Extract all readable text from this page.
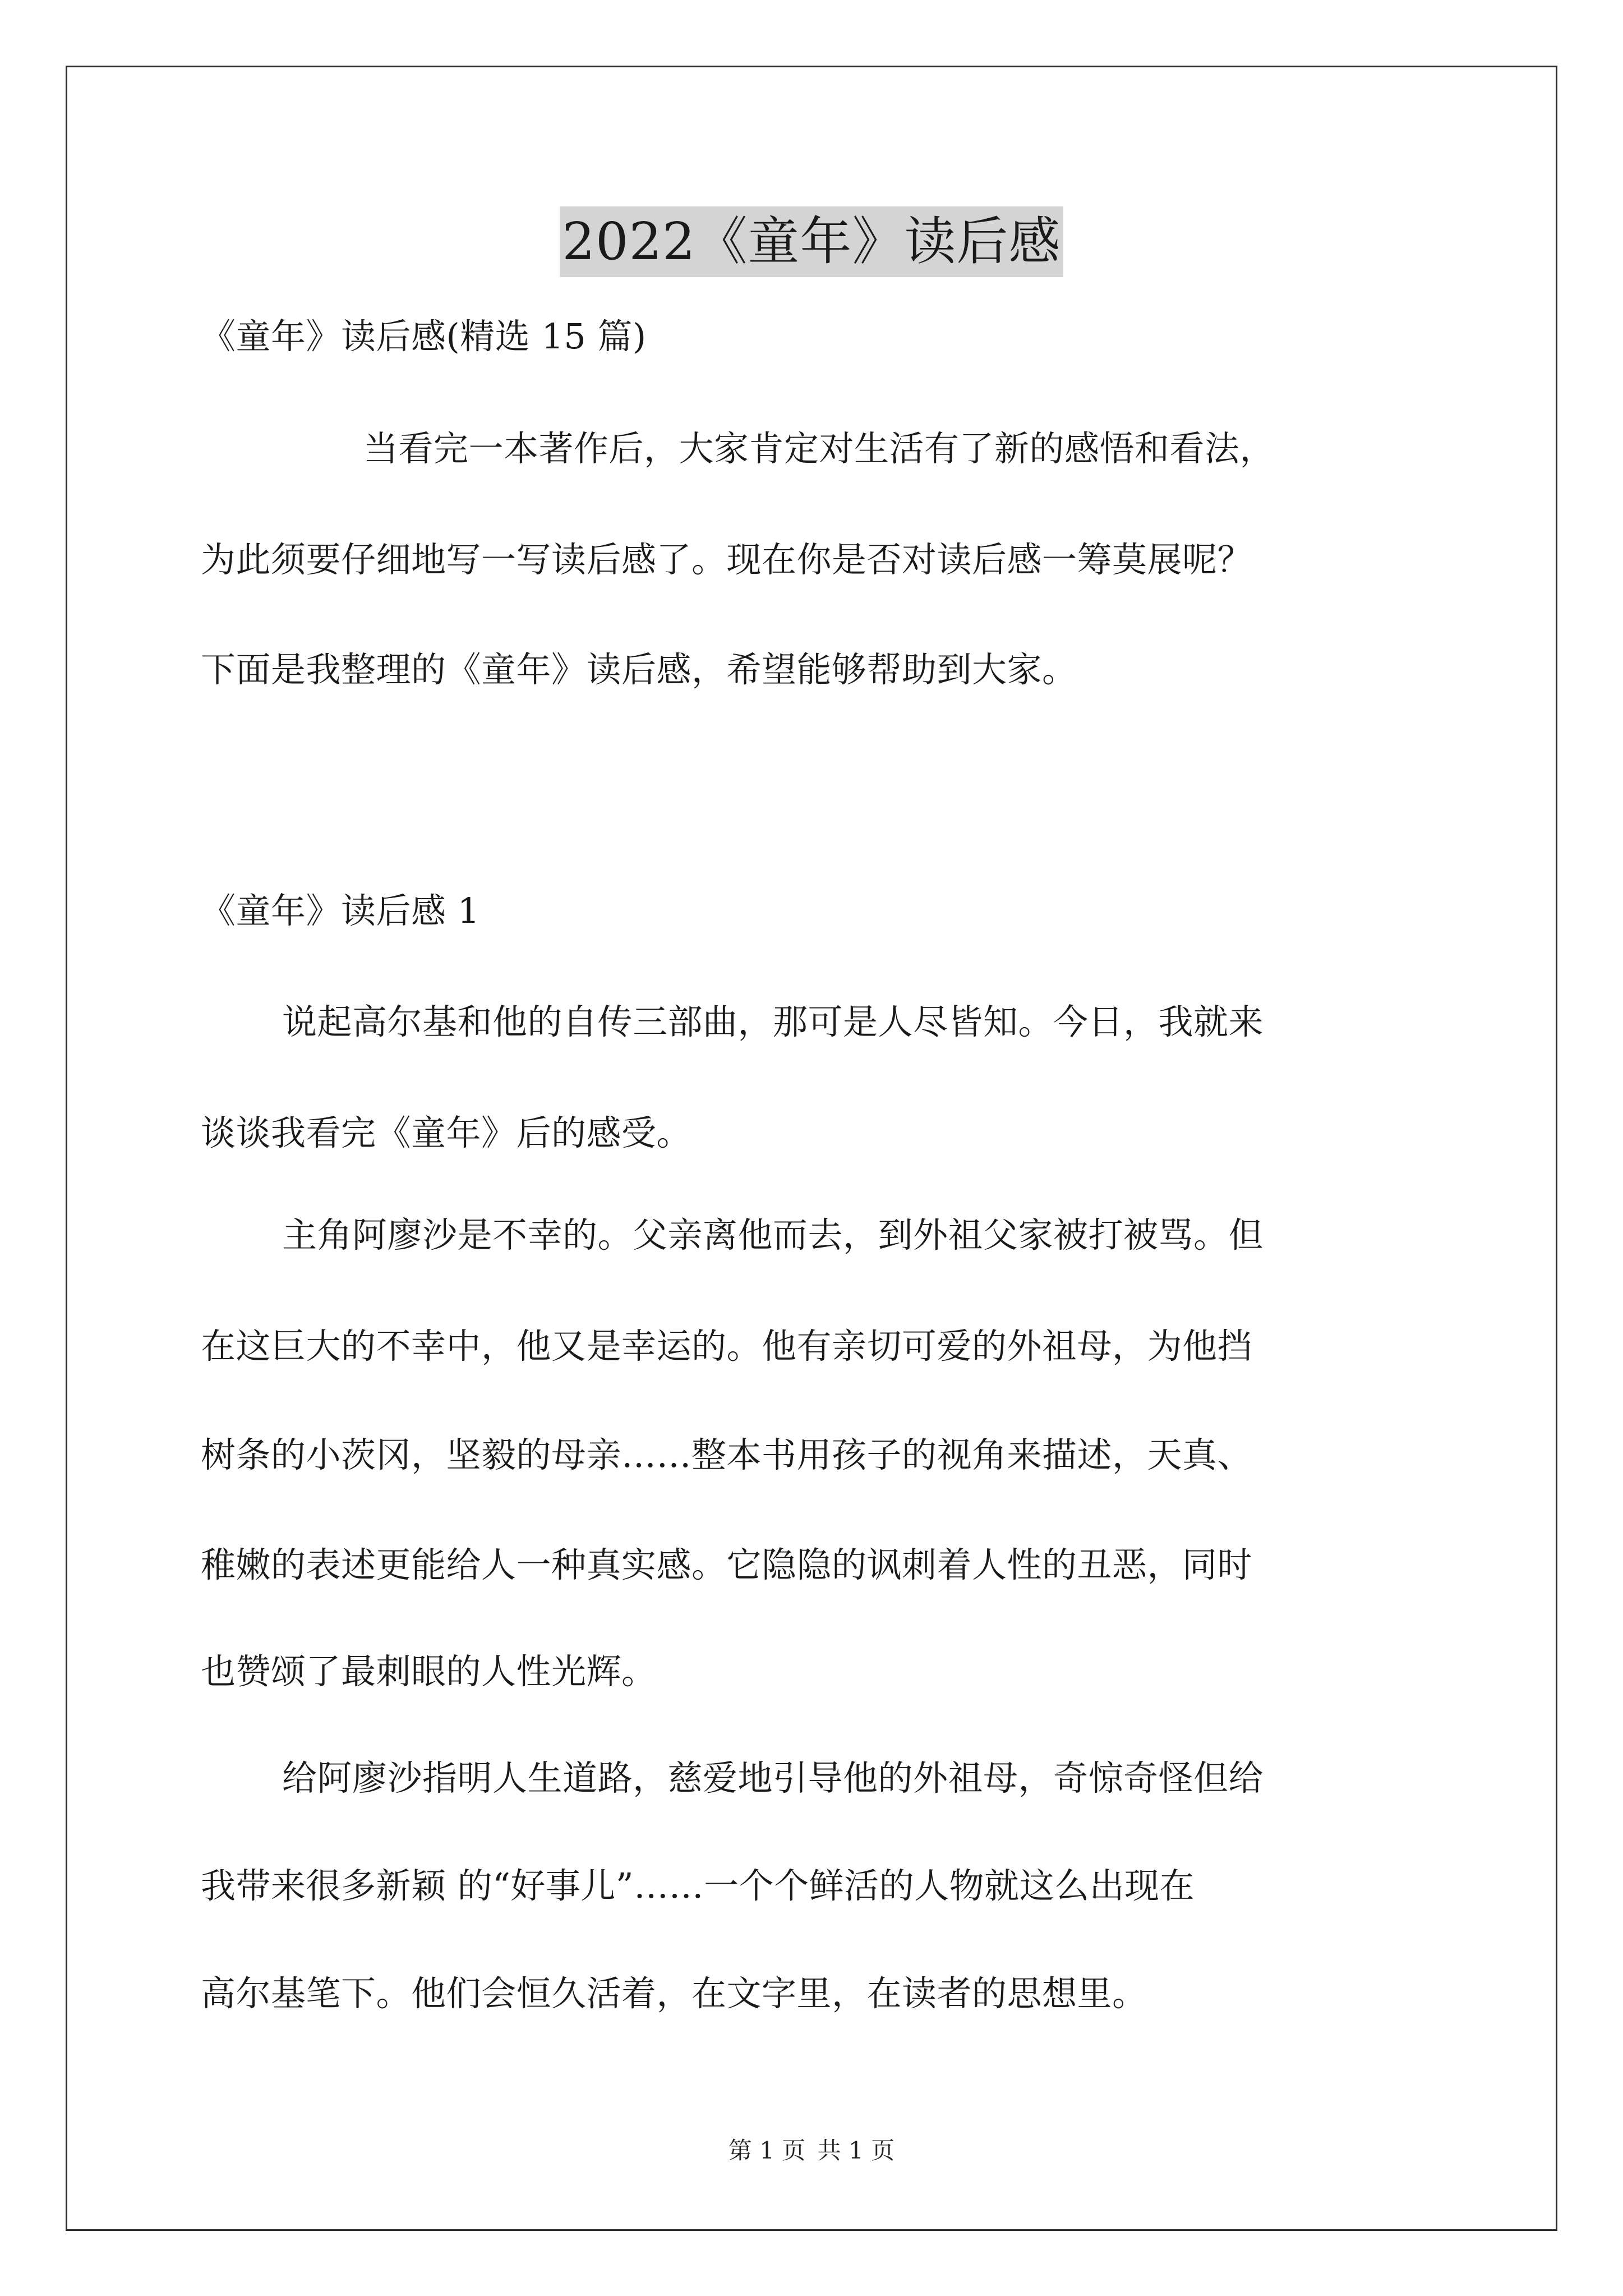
2022《童年》读后感
《童年》读后感(精选 15 篇)
当看完一本著作后，大家肯定对生活有了新的感悟和看法，
为此须要仔细地写一写读后感了。现在你是否对读后感一筹莫展呢？
下面是我整理的《童年》读后感，希望能够帮助到大家。
《童年》读后感 1
说起高尔基和他的自传三部曲，那可是人尽皆知。今日，我就来
谈谈我看完《童年》后的感受。
主角阿廖沙是不幸的。父亲离他而去，到外祖父家被打被骂。但
在这巨大的不幸中，他又是幸运的。他有亲切可爱的外祖母，为他挡
树条的小茨冈，坚毅的母亲……整本书用孩子的视角来描述，天真、
稚嫩的表述更能给人一种真实感。它隐隐的讽刺着人性的丑恶，同时
也赞颂了最刺眼的人性光辉。
给阿廖沙指明人生道路，慈爱地引导他的外祖母，奇惊奇怪但给
我带来很多新颖 的“好事儿”……一个个鲜活的人物就这么出现在
高尔基笔下。他们会恒久活着，在文字里，在读者的思想里。
第 1 页 共 1 页
